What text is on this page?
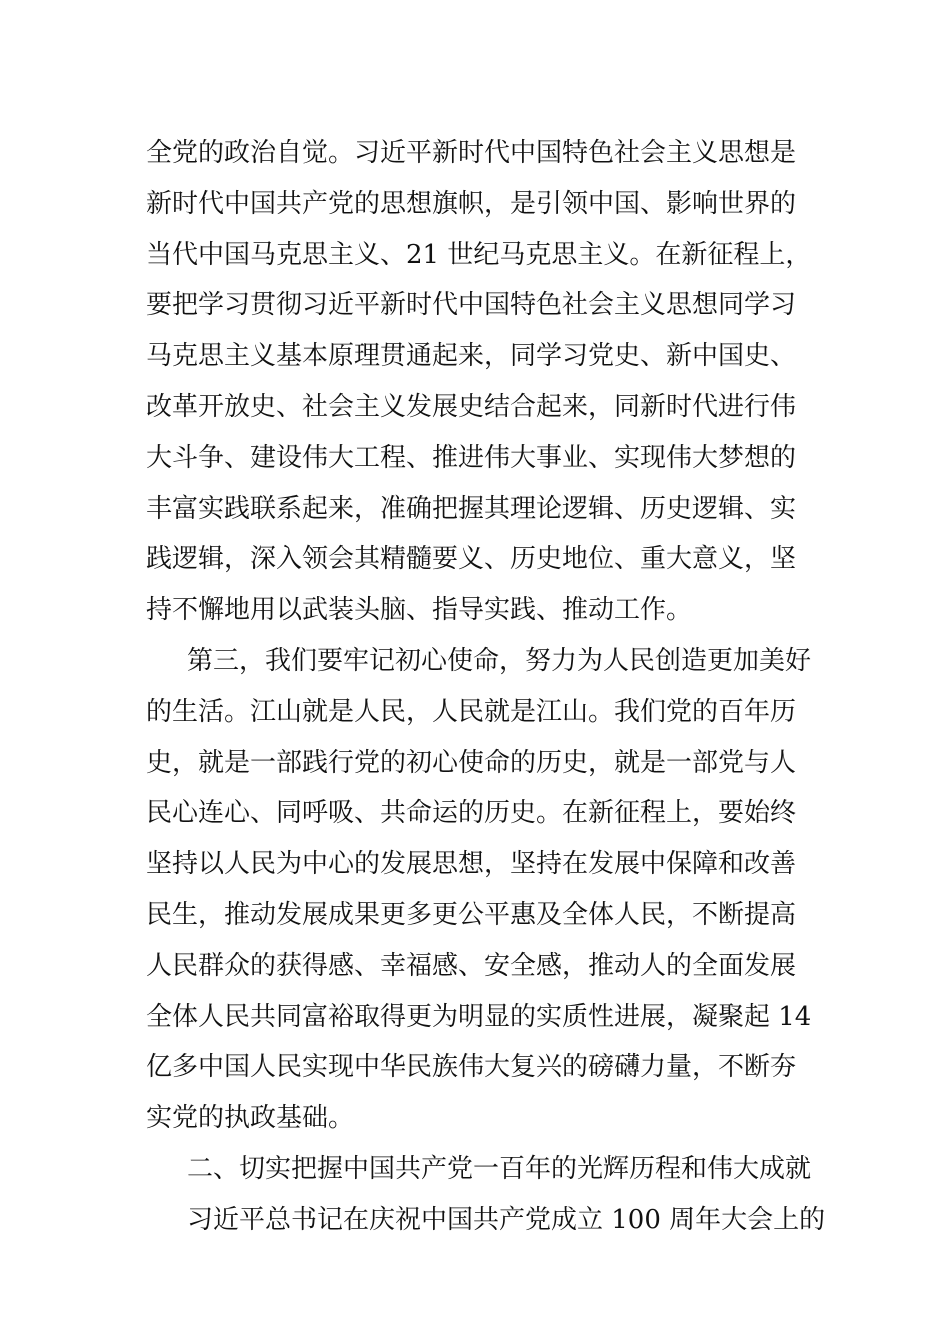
全党的政治自觉。习近平新时代中国特色社会主义思想是
新时代中国共产党的思想旗帜，是引领中国、影响世界的
当代中国马克思主义、21 世纪马克思主义。在新征程上，
要把学习贯彻习近平新时代中国特色社会主义思想同学习
马克思主义基本原理贯通起来，同学习党史、新中国史、
改革开放史、社会主义发展史结合起来，同新时代进行伟
大斗争、建设伟大工程、推进伟大事业、实现伟大梦想的
丰富实践联系起来，准确把握其理论逻辑、历史逻辑、实
践逻辑，深入领会其精髓要义、历史地位、重大意义，坚
持不懈地用以武装头脑、指导实践、推动工作。
第三，我们要牢记初心使命，努力为人民创造更加美好
的生活。江山就是人民，人民就是江山。我们党的百年历
史，就是一部践行党的初心使命的历史，就是一部党与人
民心连心、同呼吸、共命运的历史。在新征程上，要始终
坚持以人民为中心的发展思想，坚持在发展中保障和改善
民生，推动发展成果更多更公平惠及全体人民，不断提高
人民群众的获得感、幸福感、安全感，推动人的全面发展
全体人民共同富裕取得更为明显的实质性进展，凝聚起 14
亿多中国人民实现中华民族伟大复兴的磅礴力量，不断夯
实党的执政基础。
二、切实把握中国共产党一百年的光辉历程和伟大成就
习近平总书记在庆祝中国共产党成立 100 周年大会上的
